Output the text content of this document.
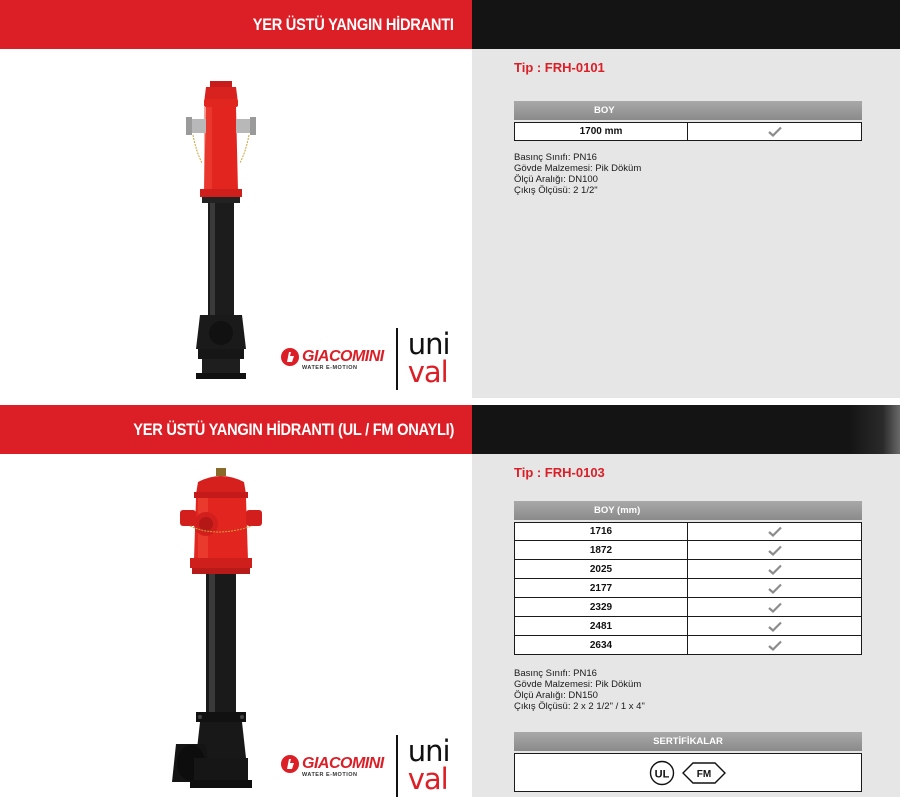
YER ÜSTÜ YANGIN HİDRANTI
GIACOMINI
WATER E-MOTION
uni
val
Tip : FRH-0101
BOY
1700 mm
Basınç Sınıfı: PN16
Gövde Malzemesi: Pik Döküm
Ölçü Aralığı: DN100
Çıkış Ölçüsü: 2 1/2"
YER ÜSTÜ YANGIN HİDRANTI (UL / FM ONAYLI)
GIACOMINI
WATER E-MOTION
uni
val
Tip : FRH-0103
BOY (mm)
1716
1872
2025
2177
2329
2481
2634
Basınç Sınıfı: PN16
Gövde Malzemesi: Pik Döküm
Ölçü Aralığı: DN150
Çıkış Ölçüsü: 2 x 2 1/2" / 1 x 4"
SERTİFİKALAR
UL	FM
